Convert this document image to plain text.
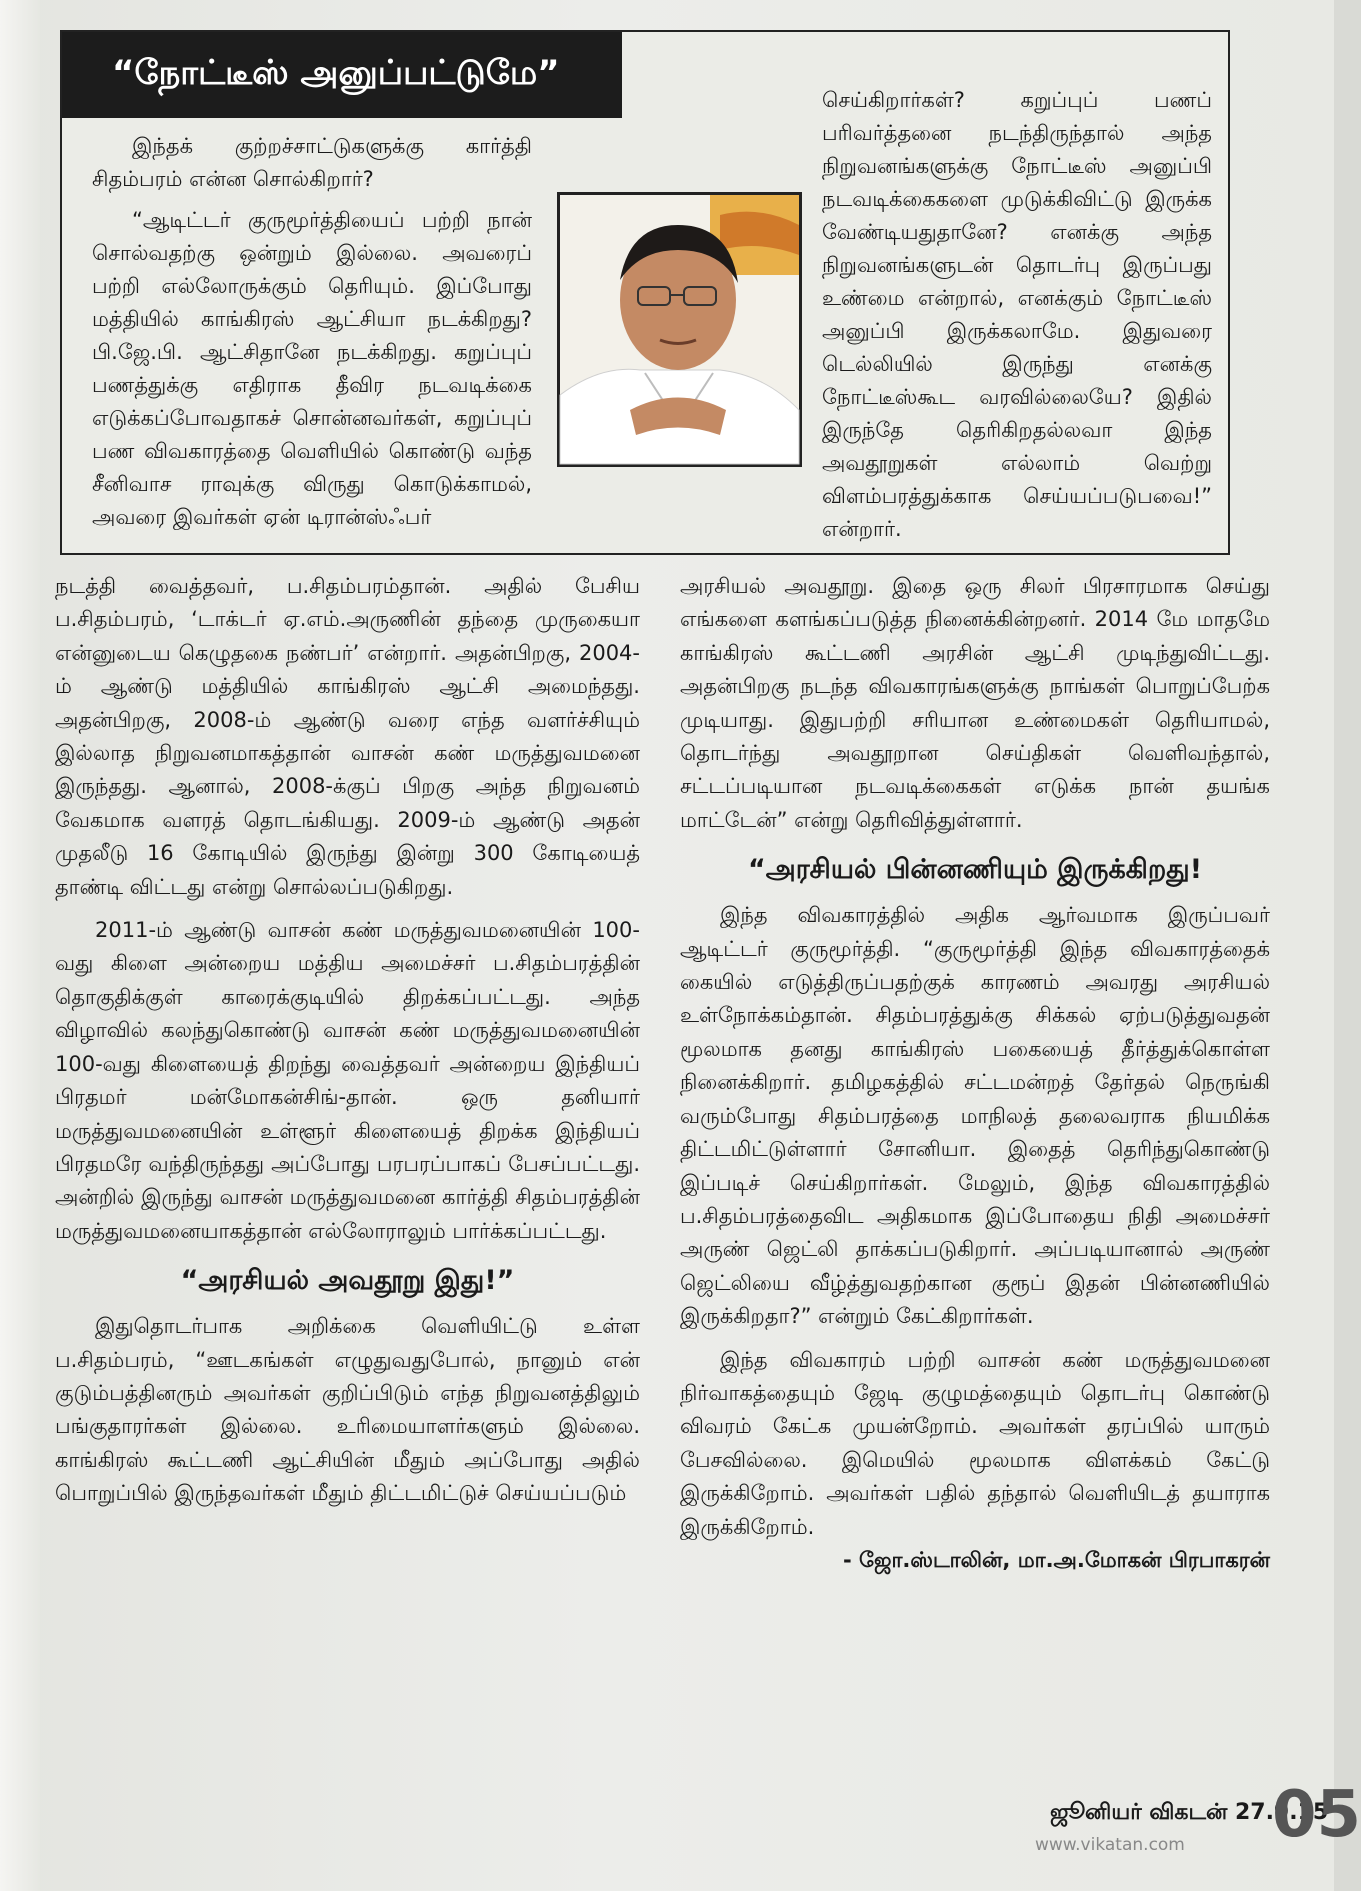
“நோட்டீஸ் அனுப்பட்டுமே”

இந்தக் குற்றச்சாட்டுகளுக்கு கார்த்தி சிதம்பரம் என்ன சொல்கிறார்?

“ஆடிட்டர் குருமூர்த்தியைப் பற்றி நான் சொல்வதற்கு ஒன்றும் இல்லை. அவரைப் பற்றி எல்லோருக்கும் தெரியும். இப்போது மத்தியில் காங்கிரஸ் ஆட்சியா நடக்கிறது? பி.ஜே.பி. ஆட்சிதானே நடக்கிறது. கறுப்புப் பணத்துக்கு எதிராக தீவிர நடவடிக்கை எடுக்கப்போவதாகச் சொன்னவர்கள், கறுப்புப் பண விவகாரத்தை வெளியில் கொண்டு வந்த சீனிவாச ராவுக்கு விருது கொடுக்காமல், அவரை இவர்கள் ஏன் டிரான்ஸ்ஃபர்

செய்கிறார்கள்? கறுப்புப் பணப் பரிவர்த்தனை நடந்திருந்தால் அந்த நிறுவனங்களுக்கு நோட்டீஸ் அனுப்பி நடவடிக்கைகளை முடுக்கிவிட்டு இருக்க வேண்டியதுதானே? எனக்கு அந்த நிறுவனங்களுடன் தொடர்பு இருப்பது உண்மை என்றால், எனக்கும் நோட்டீஸ் அனுப்பி இருக்கலாமே. இதுவரை டெல்லியில் இருந்து எனக்கு நோட்டீஸ்கூட வரவில்லையே? இதில் இருந்தே தெரிகிறதல்லவா இந்த அவதூறுகள் எல்லாம் வெற்று விளம்பரத்துக்காக செய்யப்படுபவை!” என்றார்.

நடத்தி வைத்தவர், ப.சிதம்பரம்தான். அதில் பேசிய ப.சிதம்பரம், ‘டாக்டர் ஏ.எம்.அருணின் தந்தை முருகையா என்னுடைய கெழுதகை நண்பர்’ என்றார். அதன்பிறகு, 2004-ம் ஆண்டு மத்தியில் காங்கிரஸ் ஆட்சி அமைந்தது. அதன்பிறகு, 2008-ம் ஆண்டு வரை எந்த வளர்ச்சியும் இல்லாத நிறுவனமாகத்தான் வாசன் கண் மருத்துவமனை இருந்தது. ஆனால், 2008-க்குப் பிறகு அந்த நிறுவனம் வேகமாக வளரத் தொடங்கியது. 2009-ம் ஆண்டு அதன் முதலீடு 16 கோடியில் இருந்து இன்று 300 கோடியைத் தாண்டி விட்டது என்று சொல்லப்படுகிறது.

2011-ம் ஆண்டு வாசன் கண் மருத்துவமனையின் 100-வது கிளை அன்றைய மத்திய அமைச்சர் ப.சிதம்பரத்தின் தொகுதிக்குள் காரைக்குடியில் திறக்கப்பட்டது. அந்த விழாவில் கலந்துகொண்டு வாசன் கண் மருத்துவமனையின் 100-வது கிளையைத் திறந்து வைத்தவர் அன்றைய இந்தியப் பிரதமர் மன்மோகன்சிங்-தான். ஒரு தனியார் மருத்துவமனையின் உள்ளூர் கிளையைத் திறக்க இந்தியப் பிரதமரே வந்திருந்தது அப்போது பரபரப்பாகப் பேசப்பட்டது. அன்றில் இருந்து வாசன் மருத்துவமனை கார்த்தி சிதம்பரத்தின் மருத்துவமனையாகத்தான் எல்லோராலும் பார்க்கப்பட்டது.

“அரசியல் அவதூறு இது!”

இதுதொடர்பாக அறிக்கை வெளியிட்டு உள்ள ப.சிதம்பரம், “ஊடகங்கள் எழுதுவதுபோல், நானும் என் குடும்பத்தினரும் அவர்கள் குறிப்பிடும் எந்த நிறுவனத்திலும் பங்குதாரர்கள் இல்லை. உரிமையாளர்களும் இல்லை. காங்கிரஸ் கூட்டணி ஆட்சியின் மீதும் அப்போது அதில் பொறுப்பில் இருந்தவர்கள் மீதும் திட்டமிட்டுச் செய்யப்படும்

அரசியல் அவதூறு. இதை ஒரு சிலர் பிரசாரமாக செய்து எங்களை களங்கப்படுத்த நினைக்கின்றனர். 2014 மே மாதமே காங்கிரஸ் கூட்டணி அரசின் ஆட்சி முடிந்துவிட்டது. அதன்பிறகு நடந்த விவகாரங்களுக்கு நாங்கள் பொறுப்பேற்க முடியாது. இதுபற்றி சரியான உண்மைகள் தெரியாமல், தொடர்ந்து அவதூறான செய்திகள் வெளிவந்தால், சட்டப்படியான நடவடிக்கைகள் எடுக்க நான் தயங்க மாட்டேன்” என்று தெரிவித்துள்ளார்.

“அரசியல் பின்னணியும் இருக்கிறது!

இந்த விவகாரத்தில் அதிக ஆர்வமாக இருப்பவர் ஆடிட்டர் குருமூர்த்தி. “குருமூர்த்தி இந்த விவகாரத்தைக் கையில் எடுத்திருப்பதற்குக் காரணம் அவரது அரசியல் உள்நோக்கம்தான். சிதம்பரத்துக்கு சிக்கல் ஏற்படுத்துவதன் மூலமாக தனது காங்கிரஸ் பகையைத் தீர்த்துக்கொள்ள நினைக்கிறார். தமிழகத்தில் சட்டமன்றத் தேர்தல் நெருங்கி வரும்போது சிதம்பரத்தை மாநிலத் தலைவராக நியமிக்க திட்டமிட்டுள்ளார் சோனியா. இதைத் தெரிந்துகொண்டு இப்படிச் செய்கிறார்கள். மேலும், இந்த விவகாரத்தில் ப.சிதம்பரத்தைவிட அதிகமாக இப்போதைய நிதி அமைச்சர் அருண் ஜெட்லி தாக்கப்படுகிறார். அப்படியானால் அருண் ஜெட்லியை வீழ்த்துவதற்கான குரூப் இதன் பின்னணியில் இருக்கிறதா?” என்றும் கேட்கிறார்கள்.

இந்த விவகாரம் பற்றி வாசன் கண் மருத்துவமனை நிர்வாகத்தையும் ஜேடி குழுமத்தையும் தொடர்பு கொண்டு விவரம் கேட்க முயன்றோம். அவர்கள் தரப்பில் யாரும் பேசவில்லை. இமெயில் மூலமாக விளக்கம் கேட்டு இருக்கிறோம். அவர்கள் பதில் தந்தால் வெளியிடத் தயாராக இருக்கிறோம்.

- ஜோ.ஸ்டாலின், மா.அ.மோகன் பிரபாகரன்

ஜூனியர் விகடன் 27.9.15
www.vikatan.com 05
